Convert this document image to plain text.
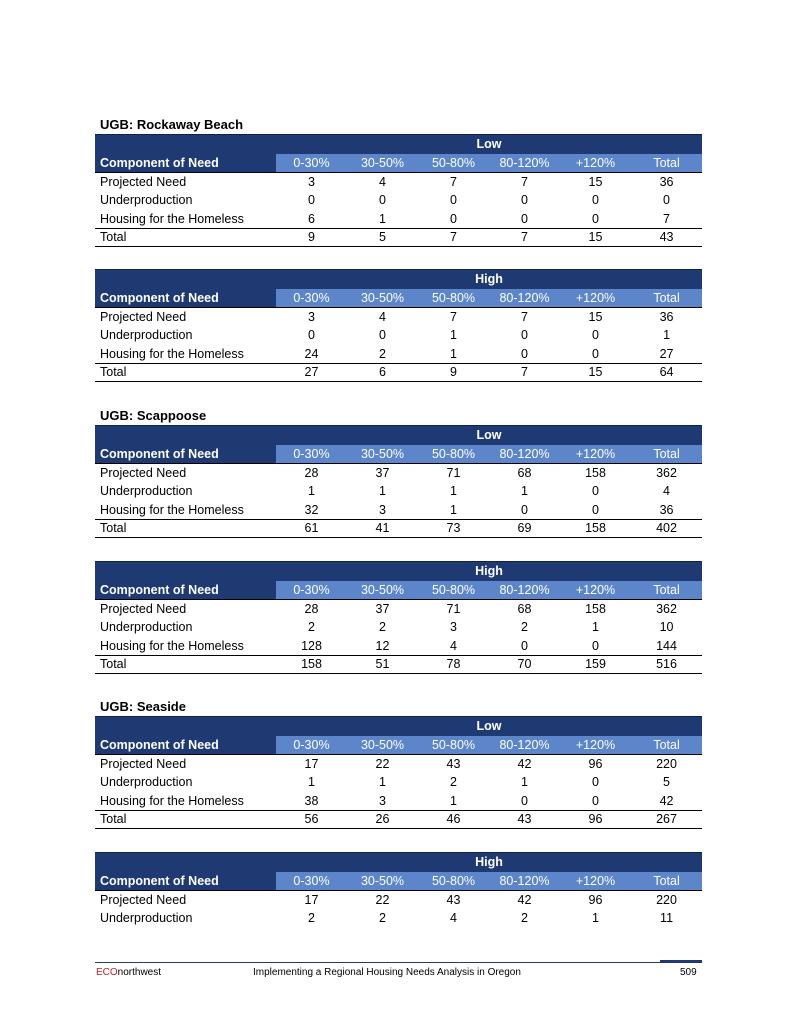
UGB: Rockaway Beach
Low						
Component of Need	0-30%	30-50%	50-80%	80-120%	+120%	Total
Projected Need	3	4	7	7	15	36
Underproduction	0	0	0	0	0	0
Housing for the Homeless	6	1	0	0	0	7
Total	9	5	7	7	15	43
High						
Component of Need	0-30%	30-50%	50-80%	80-120%	+120%	Total
Projected Need	3	4	7	7	15	36
Underproduction	0	0	1	0	0	1
Housing for the Homeless	24	2	1	0	0	27
Total	27	6	9	7	15	64
UGB: Scappoose
Low						
Component of Need	0-30%	30-50%	50-80%	80-120%	+120%	Total
Projected Need	28	37	71	68	158	362
Underproduction	1	1	1	1	0	4
Housing for the Homeless	32	3	1	0	0	36
Total	61	41	73	69	158	402
High						
Component of Need	0-30%	30-50%	50-80%	80-120%	+120%	Total
Projected Need	28	37	71	68	158	362
Underproduction	2	2	3	2	1	10
Housing for the Homeless	128	12	4	0	0	144
Total	158	51	78	70	159	516
UGB: Seaside
Low						
Component of Need	0-30%	30-50%	50-80%	80-120%	+120%	Total
Projected Need	17	22	43	42	96	220
Underproduction	1	1	2	1	0	5
Housing for the Homeless	38	3	1	0	0	42
Total	56	26	46	43	96	267
High						
Component of Need	0-30%	30-50%	50-80%	80-120%	+120%	Total
Projected Need	17	22	43	42	96	220
Underproduction	2	2	4	2	1	11
ECOnorthwest	Implementing a Regional Housing Needs Analysis in Oregon	509
